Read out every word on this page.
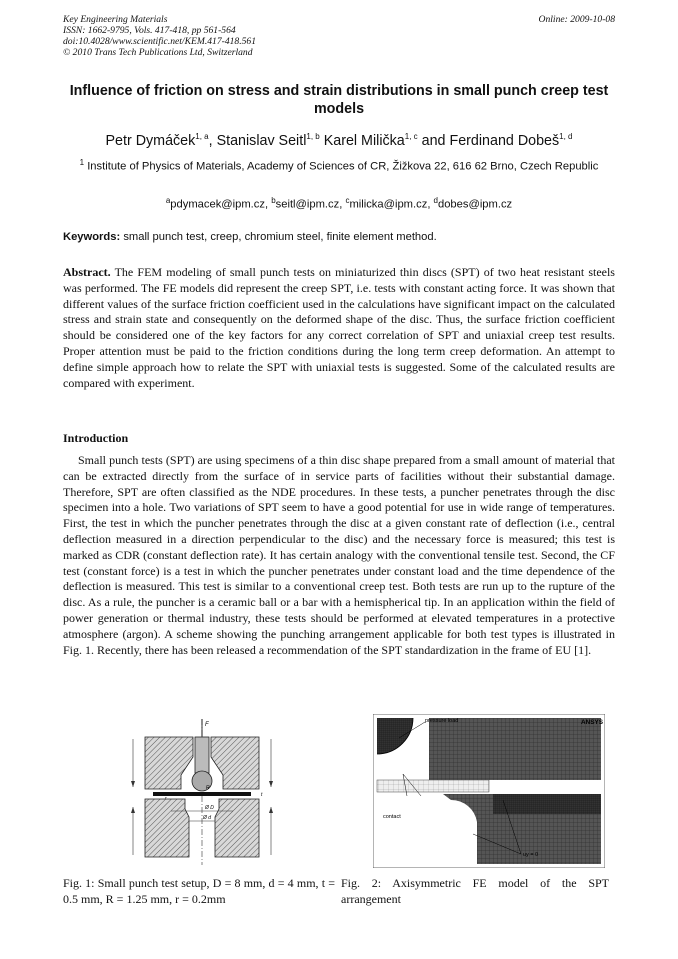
Key Engineering Materials
ISSN: 1662-9795, Vols. 417-418, pp 561-564
doi:10.4028/www.scientific.net/KEM.417-418.561
© 2010 Trans Tech Publications Ltd, Switzerland
Online: 2009-10-08
Influence of friction on stress and strain distributions in small punch creep test models
Petr Dymáček$^{1, a}$, Stanislav Seitl$^{1, b}$ Karel Milička$^{1, c}$ and Ferdinand Dobeš$^{1, d}$
$^1$ Institute of Physics of Materials, Academy of Sciences of CR, Žižkova 22, 616 62 Brno, Czech Republic
$^a$pdymacek@ipm.cz, $^b$seitl@ipm.cz, $^c$milicka@ipm.cz, $^d$dobes@ipm.cz
Keywords: small punch test, creep, chromium steel, finite element method.
Abstract. The FEM modeling of small punch tests on miniaturized thin discs (SPT) of two heat resistant steels was performed. The FE models did represent the creep SPT, i.e. tests with constant acting force. It was shown that different values of the surface friction coefficient used in the calculations have significant impact on the calculated stress and strain state and consequently on the deformed shape of the disc. Thus, the surface friction coefficient should be considered one of the key factors for any correct correlation of SPT and uniaxial creep test results. Proper attention must be paid to the friction conditions during the long term creep deformation. An attempt to define simple approach how to relate the SPT with uniaxial tests is suggested. Some of the calculated results are compared with experiment.
Introduction
Small punch tests (SPT) are using specimens of a thin disc shape prepared from a small amount of material that can be extracted directly from the surface of in service parts of facilities without their substantial damage. Therefore, SPT are often classified as the NDE procedures. In these tests, a puncher penetrates through the disc specimen into a hole. Two variations of SPT seem to have a good potential for use in wide range of temperatures. First, the test in which the puncher penetrates through the disc at a given constant rate of deflection (i.e., central deflection measured in a direction perpendicular to the disc) and the necessary force is measured; this test is marked as CDR (constant deflection rate). It has certain analogy with the conventional tensile test. Second, the CF test (constant force) is a test in which the puncher penetrates under constant load and the time dependence of the deflection is measured. This test is similar to a conventional creep test. Both tests are run up to the rupture of the disc. As a rule, the puncher is a ceramic ball or a bar with a hemispherical tip. In an application within the field of power generation or thermal industry, these tests should be performed at elevated temperatures in a protective atmosphere (argon). A scheme showing the punching arrangement applicable for both test types is illustrated in Fig. 1. Recently, there has been released a recommendation of the SPT standardization in the frame of EU [1].
F
R
t
Ø D
Ø d
pressure load	ANSYS
contact
uy = 0
Fig. 1: Small punch test setup, D = 8 mm, d = 4 mm, t = 0.5 mm, R = 1.25 mm, r = 0.2mm
Fig. 2: Axisymmetric FE model of the SPT arrangement
